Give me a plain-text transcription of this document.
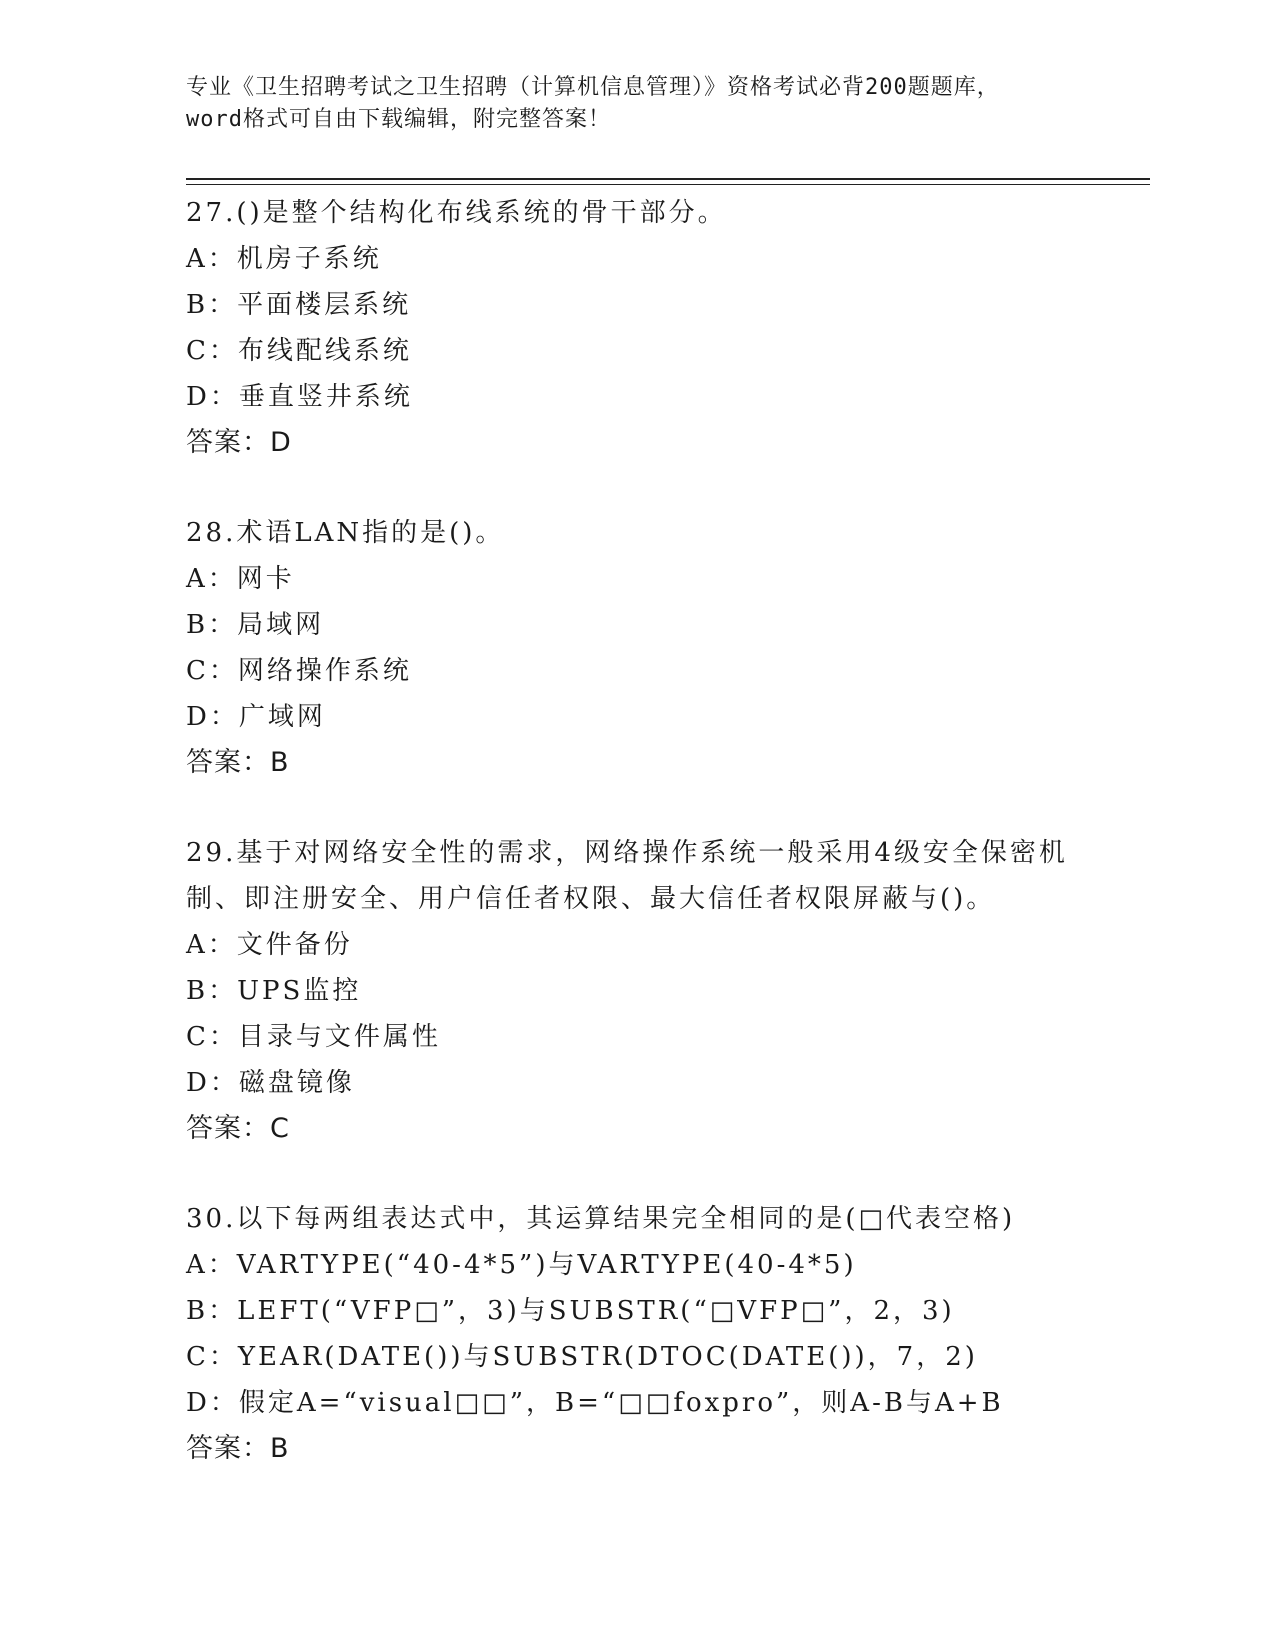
专业《卫生招聘考试之卫生招聘（计算机信息管理）》资格考试必背200题题库，
word格式可自由下载编辑，附完整答案！
27.()是整个结构化布线系统的骨干部分。
A：机房子系统
B：平面楼层系统
C：布线配线系统
D：垂直竖井系统
答案：D
28.术语LAN指的是()。
A：网卡
B：局域网
C：网络操作系统
D：广域网
答案：B
29.基于对网络安全性的需求，网络操作系统一般采用4级安全保密机
制、即注册安全、用户信任者权限、最大信任者权限屏蔽与()。
A：文件备份
B：UPS监控
C：目录与文件属性
D：磁盘镜像
答案：C
30.以下每两组表达式中，其运算结果完全相同的是(□代表空格)
A：VARTYPE(“40-4*5”)与VARTYPE(40-4*5)
B：LEFT(“VFP□”，3)与SUBSTR(“□VFP□”，2，3)
C：YEAR(DATE())与SUBSTR(DTOC(DATE())，7，2)
D：假定A=“visual□□”，B=“□□foxpro”，则A-B与A+B
答案：B
